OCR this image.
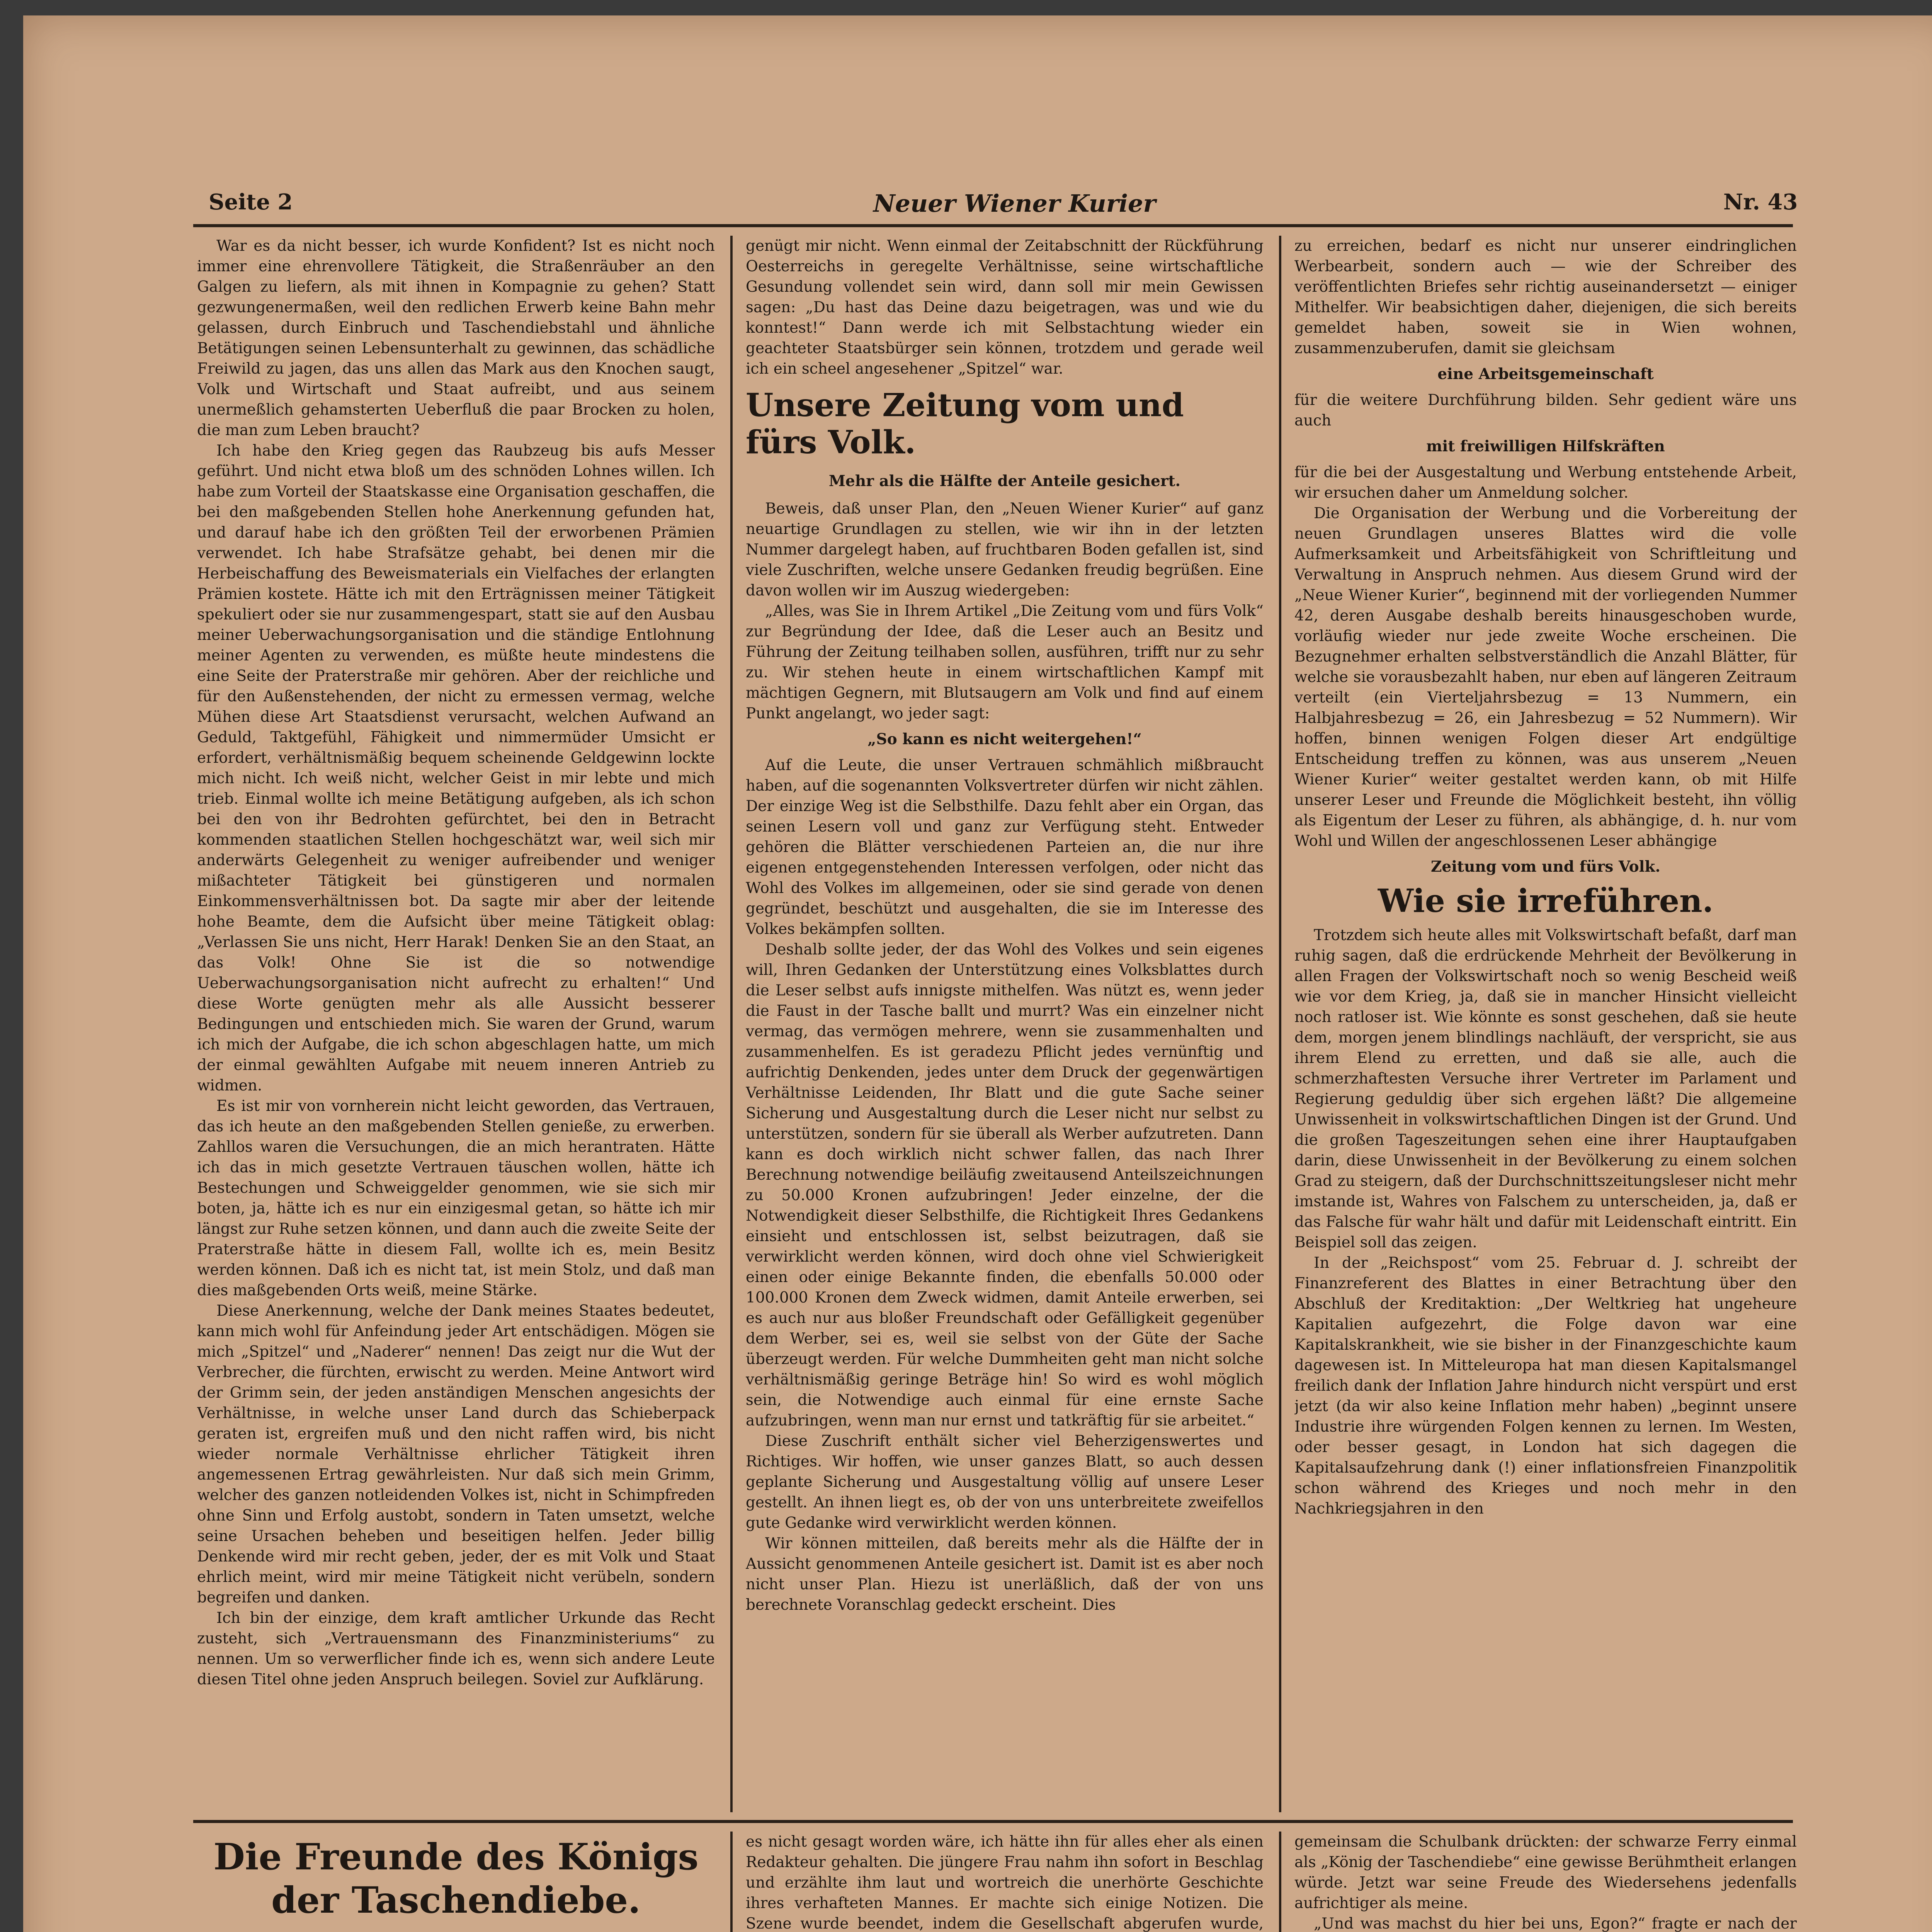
Seite 2	Neuer Wiener Kurier	Nr. 43

War es da nicht besser, ich wurde Konfident? Ist es nicht noch immer eine ehrenvollere Tätigkeit, die Straßenräuber an den Galgen zu liefern, als mit ihnen in Kompagnie zu gehen? Statt gezwungenermaßen, weil den redlichen Erwerb keine Bahn mehr gelassen, durch Einbruch und Taschendiebstahl und ähnliche Betätigungen seinen Lebensunterhalt zu gewinnen, das schädliche Freiwild zu jagen, das uns allen das Mark aus den Knochen saugt, Volk und Wirtschaft und Staat aufreibt, und aus seinem unermeßlich gehamsterten Ueberfluß die paar Brocken zu holen, die man zum Leben braucht?

Ich habe den Krieg gegen das Raubzeug bis aufs Messer geführt. Und nicht etwa bloß um des schnöden Lohnes willen. Ich habe zum Vorteil der Staatskasse eine Organisation geschaffen, die bei den maßgebenden Stellen hohe Anerkennung gefunden hat, und darauf habe ich den größten Teil der erworbenen Prämien verwendet. Ich habe Strafsätze gehabt, bei denen mir die Herbeischaffung des Beweismaterials ein Vielfaches der erlangten Prämien kostete. Hätte ich mit den Erträgnissen meiner Tätigkeit spekuliert oder sie nur zusammengespart, statt sie auf den Ausbau meiner Ueberwachungsorganisation und die ständige Entlohnung meiner Agenten zu verwenden, es müßte heute mindestens die eine Seite der Praterstraße mir gehören. Aber der reichliche und für den Außenstehenden, der nicht zu ermessen vermag, welche Mühen diese Art Staatsdienst verursacht, welchen Aufwand an Geduld, Taktgefühl, Fähigkeit und nimmermüder Umsicht er erfordert, verhältnismäßig bequem scheinende Geldgewinn lockte mich nicht. Ich weiß nicht, welcher Geist in mir lebte und mich trieb. Einmal wollte ich meine Betätigung aufgeben, als ich schon bei den von ihr Bedrohten gefürchtet, bei den in Betracht kommenden staatlichen Stellen hochgeschätzt war, weil sich mir anderwärts Gelegenheit zu weniger aufreibender und weniger mißachteter Tätigkeit bei günstigeren und normalen Einkommensverhältnissen bot. Da sagte mir aber der leitende hohe Beamte, dem die Aufsicht über meine Tätigkeit oblag: „Verlassen Sie uns nicht, Herr Harak! Denken Sie an den Staat, an das Volk! Ohne Sie ist die so notwendige Ueberwachungsorganisation nicht aufrecht zu erhalten!“ Und diese Worte genügten mehr als alle Aussicht besserer Bedingungen und entschieden mich. Sie waren der Grund, warum ich mich der Aufgabe, die ich schon abgeschlagen hatte, um mich der einmal gewählten Aufgabe mit neuem inneren Antrieb zu widmen.

Es ist mir von vornherein nicht leicht geworden, das Vertrauen, das ich heute an den maßgebenden Stellen genieße, zu erwerben. Zahllos waren die Versuchungen, die an mich herantraten. Hätte ich das in mich gesetzte Vertrauen täuschen wollen, hätte ich Bestechungen und Schweiggelder genommen, wie sie sich mir boten, ja, hätte ich es nur ein einzigesmal getan, so hätte ich mir längst zur Ruhe setzen können, und dann auch die zweite Seite der Praterstraße hätte in diesem Fall, wollte ich es, mein Besitz werden können. Daß ich es nicht tat, ist mein Stolz, und daß man dies maßgebenden Orts weiß, meine Stärke.

Diese Anerkennung, welche der Dank meines Staates bedeutet, kann mich wohl für Anfeindung jeder Art entschädigen. Mögen sie mich „Spitzel“ und „Naderer“ nennen! Das zeigt nur die Wut der Verbrecher, die fürchten, erwischt zu werden. Meine Antwort wird der Grimm sein, der jeden anständigen Menschen angesichts der Verhältnisse, in welche unser Land durch das Schieberpack geraten ist, ergreifen muß und den nicht raffen wird, bis nicht wieder normale Verhältnisse ehrlicher Tätigkeit ihren angemessenen Ertrag gewährleisten. Nur daß sich mein Grimm, welcher des ganzen notleidenden Volkes ist, nicht in Schimpfreden ohne Sinn und Erfolg austobt, sondern in Taten umsetzt, welche seine Ursachen beheben und beseitigen helfen. Jeder billig Denkende wird mir recht geben, jeder, der es mit Volk und Staat ehrlich meint, wird mir meine Tätigkeit nicht verübeln, sondern begreifen und danken.

Ich bin der einzige, dem kraft amtlicher Urkunde das Recht zusteht, sich „Vertrauensmann des Finanzministeriums“ zu nennen. Um so verwerflicher finde ich es, wenn sich andere Leute diesen Titel ohne jeden Anspruch beilegen. Soviel zur Aufklärung.

genügt mir nicht. Wenn einmal der Zeitabschnitt der Rückführung Oesterreichs in geregelte Verhältnisse, seine wirtschaftliche Gesundung vollendet sein wird, dann soll mir mein Gewissen sagen: „Du hast das Deine dazu beigetragen, was und wie du konntest!“ Dann werde ich mit Selbstachtung wieder ein geachteter Staatsbürger sein können, trotzdem und gerade weil ich ein scheel angesehener „Spitzel“ war.

Unsere Zeitung vom und fürs Volk.
Mehr als die Hälfte der Anteile gesichert.

Beweis, daß unser Plan, den „Neuen Wiener Kurier“ auf ganz neuartige Grundlagen zu stellen, wie wir ihn in der letzten Nummer dargelegt haben, auf fruchtbaren Boden gefallen ist, sind viele Zuschriften, welche unsere Gedanken freudig begrüßen. Eine davon wollen wir im Auszug wiedergeben:

„Alles, was Sie in Ihrem Artikel „Die Zeitung vom und fürs Volk“ zur Begründung der Idee, daß die Leser auch an Besitz und Führung der Zeitung teilhaben sollen, ausführen, trifft nur zu sehr zu. Wir stehen heute in einem wirtschaftlichen Kampf mit mächtigen Gegnern, mit Blutsaugern am Volk und find auf einem Punkt angelangt, wo jeder sagt:

„So kann es nicht weitergehen!“

Auf die Leute, die unser Vertrauen schmählich mißbraucht haben, auf die sogenannten Volksvertreter dürfen wir nicht zählen. Der einzige Weg ist die Selbsthilfe. Dazu fehlt aber ein Organ, das seinen Lesern voll und ganz zur Verfügung steht. Entweder gehören die Blätter verschiedenen Parteien an, die nur ihre eigenen entgegenstehenden Interessen verfolgen, oder nicht das Wohl des Volkes im allgemeinen, oder sie sind gerade von denen gegründet, beschützt und ausgehalten, die sie im Interesse des Volkes bekämpfen sollten.

Deshalb sollte jeder, der das Wohl des Volkes und sein eigenes will, Ihren Gedanken der Unterstützung eines Volksblattes durch die Leser selbst aufs innigste mithelfen. Was nützt es, wenn jeder die Faust in der Tasche ballt und murrt? Was ein einzelner nicht vermag, das vermögen mehrere, wenn sie zusammenhalten und zusammenhelfen. Es ist geradezu Pflicht jedes vernünftig und aufrichtig Denkenden, jedes unter dem Druck der gegenwärtigen Verhältnisse Leidenden, Ihr Blatt und die gute Sache seiner Sicherung und Ausgestaltung durch die Leser nicht nur selbst zu unterstützen, sondern für sie überall als Werber aufzutreten. Dann kann es doch wirklich nicht schwer fallen, das nach Ihrer Berechnung notwendige beiläufig zweitausend Anteilszeichnungen zu 50.000 Kronen aufzubringen! Jeder einzelne, der die Notwendigkeit dieser Selbsthilfe, die Richtigkeit Ihres Gedankens einsieht und entschlossen ist, selbst beizutragen, daß sie verwirklicht werden können, wird doch ohne viel Schwierigkeit einen oder einige Bekannte finden, die ebenfalls 50.000 oder 100.000 Kronen dem Zweck widmen, damit Anteile erwerben, sei es auch nur aus bloßer Freundschaft oder Gefälligkeit gegenüber dem Werber, sei es, weil sie selbst von der Güte der Sache überzeugt werden. Für welche Dummheiten geht man nicht solche verhältnismäßig geringe Beträge hin! So wird es wohl möglich sein, die Notwendige auch einmal für eine ernste Sache aufzubringen, wenn man nur ernst und tatkräftig für sie arbeitet.“

Diese Zuschrift enthält sicher viel Beherzigenswertes und Richtiges. Wir hoffen, wie unser ganzes Blatt, so auch dessen geplante Sicherung und Ausgestaltung völlig auf unsere Leser gestellt. An ihnen liegt es, ob der von uns unterbreitete zweifellos gute Gedanke wird verwirklicht werden können.

Wir können mitteilen, daß bereits mehr als die Hälfte der in Aussicht genommenen Anteile gesichert ist. Damit ist es aber noch nicht unser Plan. Hiezu ist unerläßlich, daß der von uns berechnete Voranschlag gedeckt erscheint. Dies

zu erreichen, bedarf es nicht nur unserer eindringlichen Werbearbeit, sondern auch — wie der Schreiber des veröffentlichten Briefes sehr richtig auseinandersetzt — einiger Mithelfer. Wir beabsichtigen daher, diejenigen, die sich bereits gemeldet haben, soweit sie in Wien wohnen, zusammenzuberufen, damit sie gleichsam

eine Arbeitsgemeinschaft

für die weitere Durchführung bilden. Sehr gedient wäre uns auch

mit freiwilligen Hilfskräften

für die bei der Ausgestaltung und Werbung entstehende Arbeit, wir ersuchen daher um Anmeldung solcher.

Die Organisation der Werbung und die Vorbereitung der neuen Grundlagen unseres Blattes wird die volle Aufmerksamkeit und Arbeitsfähigkeit von Schriftleitung und Verwaltung in Anspruch nehmen. Aus diesem Grund wird der „Neue Wiener Kurier“, beginnend mit der vorliegenden Nummer 42, deren Ausgabe deshalb bereits hinausgeschoben wurde, vorläufig wieder nur jede zweite Woche erscheinen. Die Bezugnehmer erhalten selbstverständlich die Anzahl Blätter, für welche sie vorausbezahlt haben, nur eben auf längeren Zeitraum verteilt (ein Vierteljahrsbezug = 13 Nummern, ein Halbjahresbezug = 26, ein Jahresbezug = 52 Nummern). Wir hoffen, binnen wenigen Folgen dieser Art endgültige Entscheidung treffen zu können, was aus unserem „Neuen Wiener Kurier“ weiter gestaltet werden kann, ob mit Hilfe unserer Leser und Freunde die Möglichkeit besteht, ihn völlig als Eigentum der Leser zu führen, als abhängige, d. h. nur vom Wohl und Willen der angeschlossenen Leser abhängige

Zeitung vom und fürs Volk.

Wie sie irreführen.

Trotzdem sich heute alles mit Volkswirtschaft befaßt, darf man ruhig sagen, daß die erdrückende Mehrheit der Bevölkerung in allen Fragen der Volkswirtschaft noch so wenig Bescheid weiß wie vor dem Krieg, ja, daß sie in mancher Hinsicht vielleicht noch ratloser ist. Wie könnte es sonst geschehen, daß sie heute dem, morgen jenem blindlings nachläuft, der verspricht, sie aus ihrem Elend zu erretten, und daß sie alle, auch die schmerzhaftesten Versuche ihrer Vertreter im Parlament und Regierung geduldig über sich ergehen läßt? Die allgemeine Unwissenheit in volkswirtschaftlichen Dingen ist der Grund. Und die großen Tageszeitungen sehen eine ihrer Hauptaufgaben darin, diese Unwissenheit in der Bevölkerung zu einem solchen Grad zu steigern, daß der Durchschnittszeitungsleser nicht mehr imstande ist, Wahres von Falschem zu unterscheiden, ja, daß er das Falsche für wahr hält und dafür mit Leidenschaft eintritt. Ein Beispiel soll das zeigen.

In der „Reichspost“ vom 25. Februar d. J. schreibt der Finanzreferent des Blattes in einer Betrachtung über den Abschluß der Kreditaktion: „Der Weltkrieg hat ungeheure Kapitalien aufgezehrt, die Folge davon war eine Kapitalskrankheit, wie sie bisher in der Finanzgeschichte kaum dagewesen ist. In Mitteleuropa hat man diesen Kapitalsmangel freilich dank der Inflation Jahre hindurch nicht verspürt und erst jetzt (da wir also keine Inflation mehr haben) „beginnt unsere Industrie ihre würgenden Folgen kennen zu lernen. Im Westen, oder besser gesagt, in London hat sich dagegen die Kapitalsaufzehrung dank (!) einer inflationsfreien Finanzpolitik schon während des Krieges und noch mehr in den Nachkriegsjahren in den

Die Freunde des Königs der Taschendiebe.

es nicht gesagt worden wäre, ich hätte ihn für alles eher als einen Redakteur gehalten. Die jüngere Frau nahm ihn sofort in Beschlag und erzählte ihm laut und wortreich die unerhörte Geschichte ihres verhafteten Mannes. Er machte sich einige Notizen. Die Szene wurde beendet, indem die Gesellschaft abgerufen wurde,

gemeinsam die Schulbank drückten: der schwarze Ferry einmal als „König der Taschendiebe“ eine gewisse Berühmtheit erlangen würde. Jetzt war seine Freude des Wiedersehens jedenfalls aufrichtiger als meine.

„Und was machst du hier bei uns, Egon?“ fragte er nach der
